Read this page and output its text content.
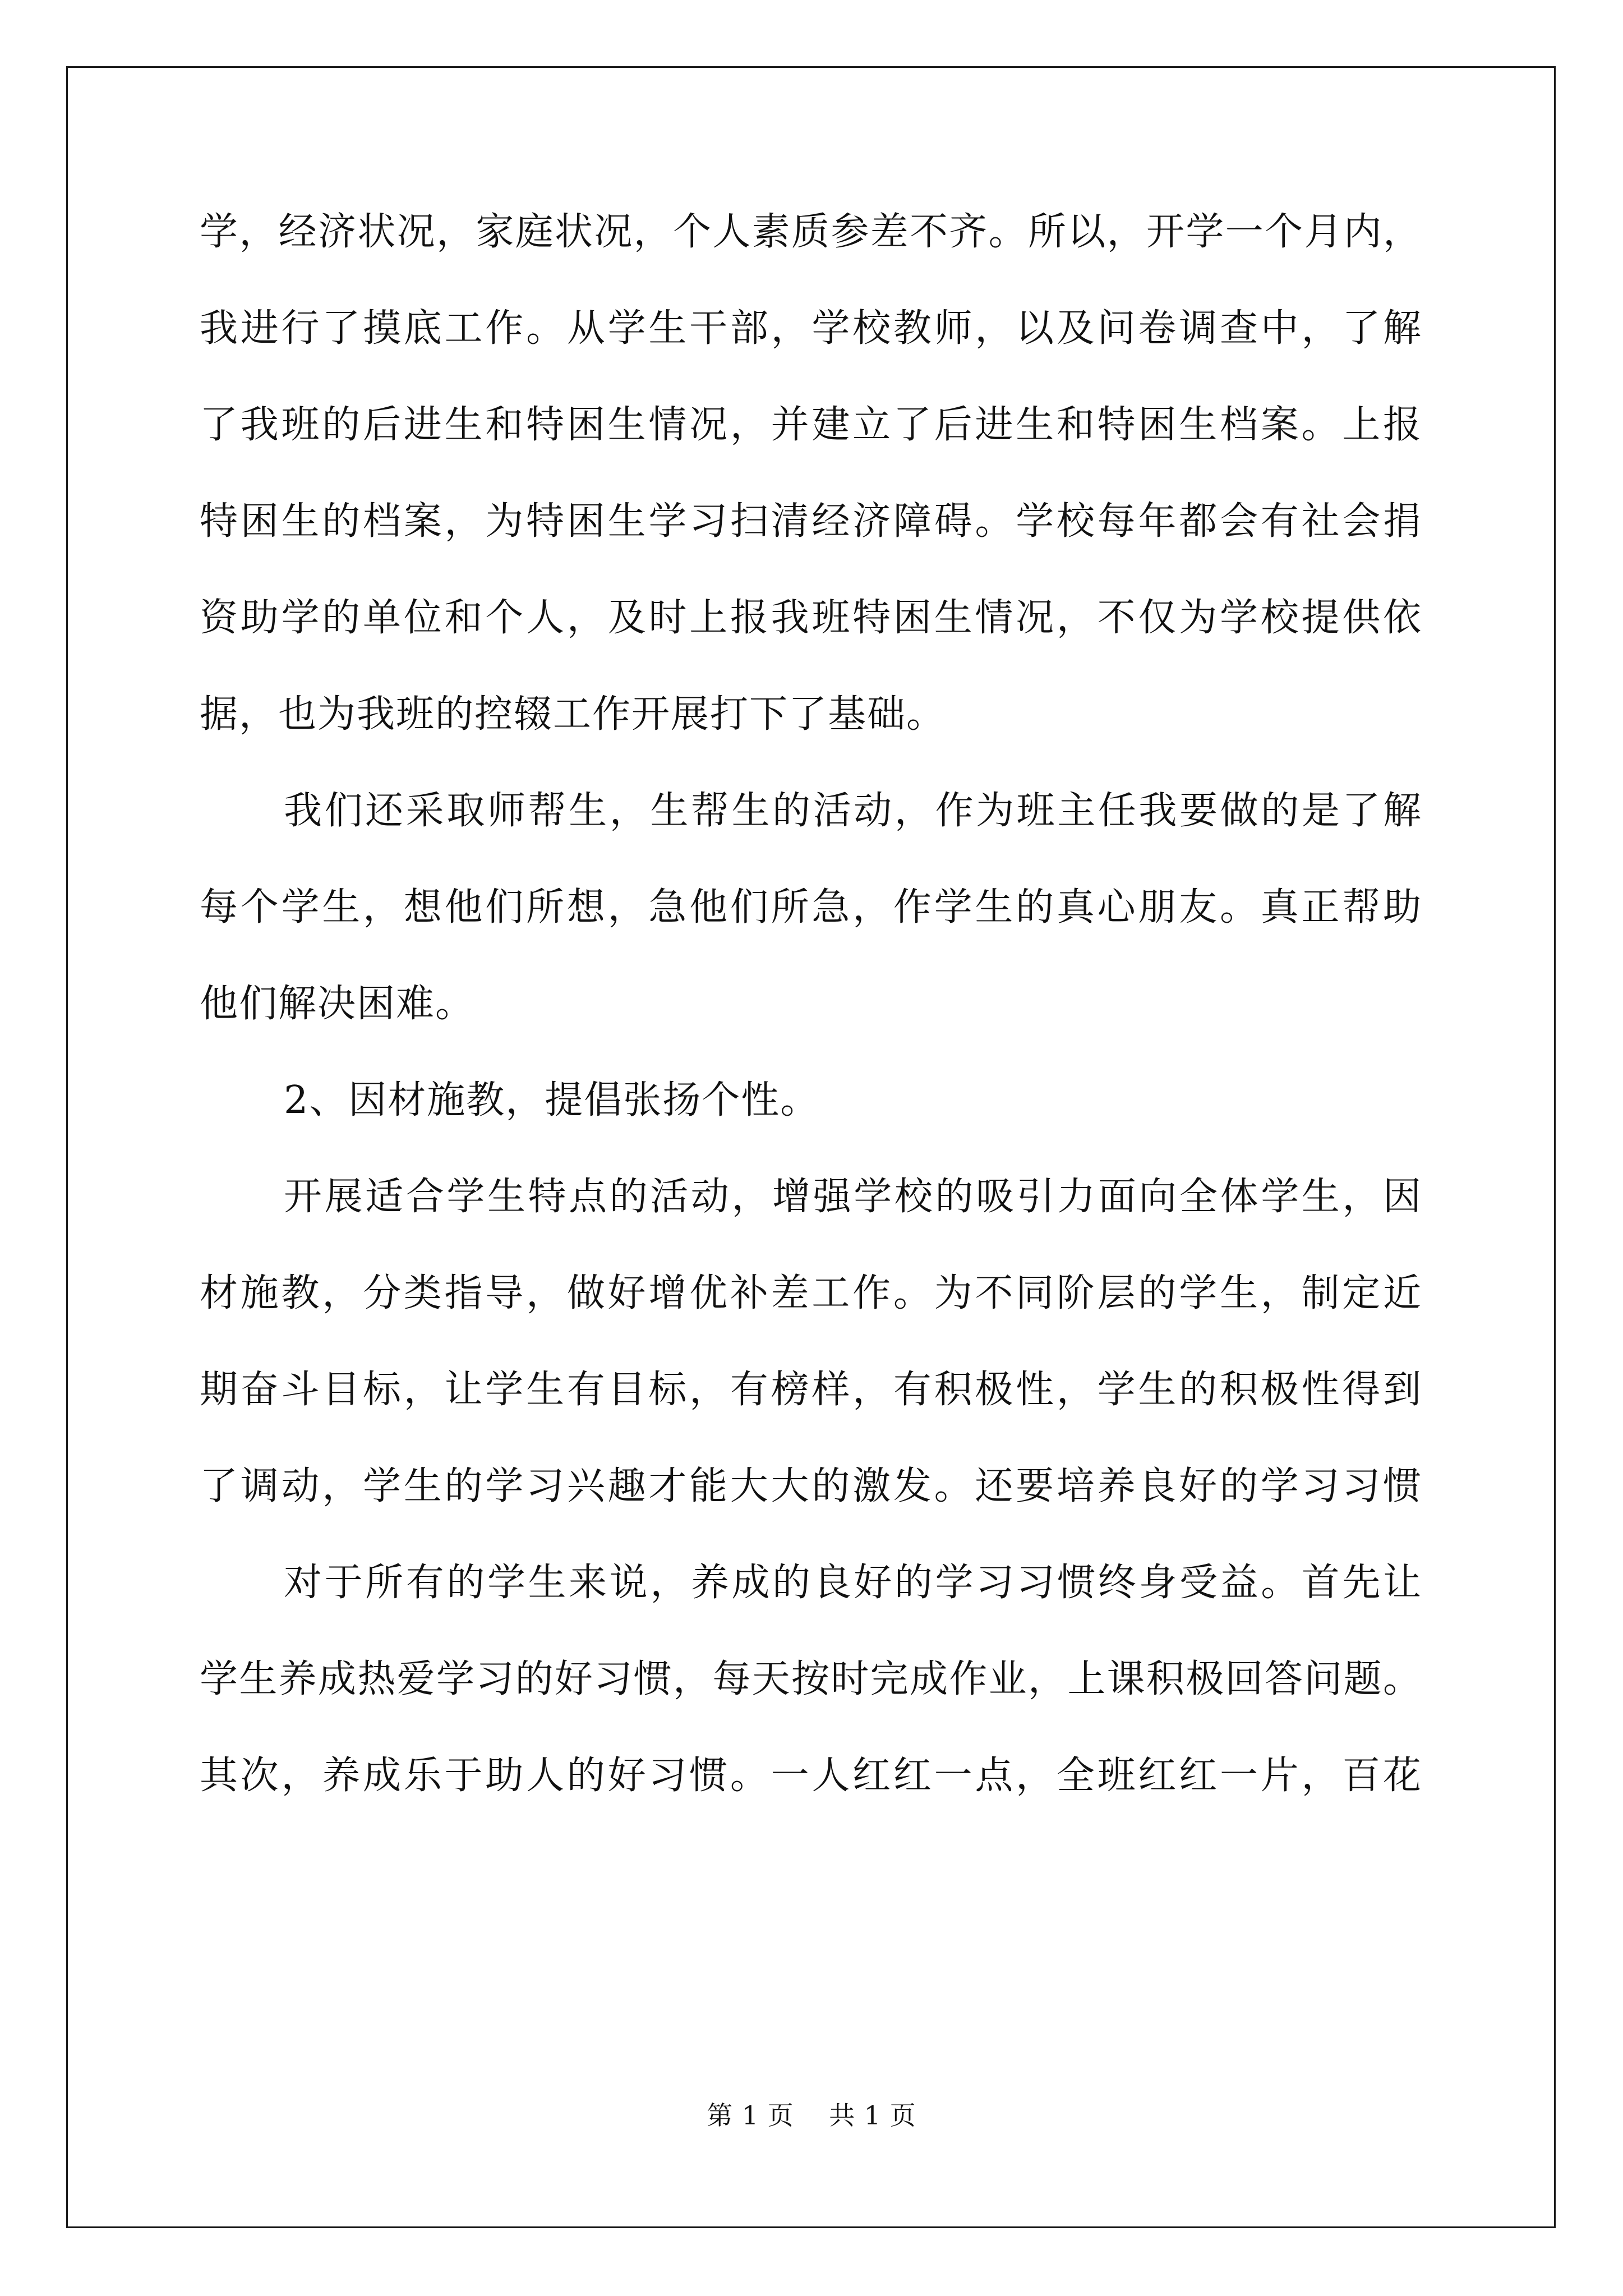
学，经济状况，家庭状况，个人素质参差不齐。所以，开学一个月内，
我进行了摸底工作。从学生干部，学校教师，以及问卷调查中，了解
了我班的后进生和特困生情况，并建立了后进生和特困生档案。上报
特困生的档案，为特困生学习扫清经济障碍。学校每年都会有社会捐
资助学的单位和个人，及时上报我班特困生情况，不仅为学校提供依
据，也为我班的控辍工作开展打下了基础。
我们还采取师帮生，生帮生的活动，作为班主任我要做的是了解
每个学生，想他们所想，急他们所急，作学生的真心朋友。真正帮助
他们解决困难。
2、因材施教，提倡张扬个性。
开展适合学生特点的活动，增强学校的吸引力面向全体学生，因
材施教，分类指导，做好增优补差工作。为不同阶层的学生，制定近
期奋斗目标，让学生有目标，有榜样，有积极性，学生的积极性得到
了调动，学生的学习兴趣才能大大的激发。还要培养良好的学习习惯
对于所有的学生来说，养成的良好的学习习惯终身受益。首先让
学生养成热爱学习的好习惯，每天按时完成作业，上课积极回答问题。
其次，养成乐于助人的好习惯。一人红红一点，全班红红一片，百花
第 1 页    共 1 页
